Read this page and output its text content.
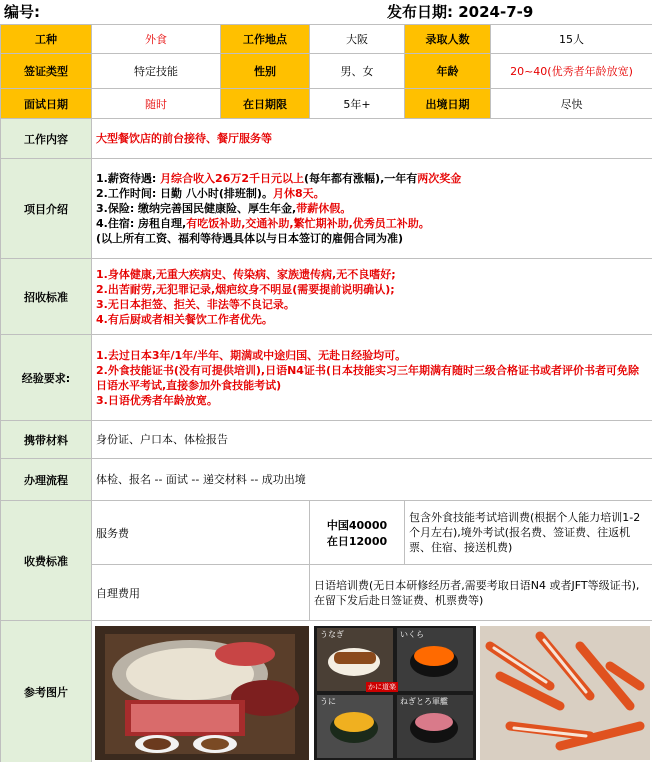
编号:	发布日期: 2024-7-9
工种	外食	工作地点	大阪	录取人数	15人
签证类型	特定技能	性别	男、女	年龄	20~40(优秀者年龄放宽)
面试日期	随时	在日期限	5年+	出境日期	尽快
工作内容	大型餐饮店的前台接待、餐厅服务等				
项目介绍	1.薪资待遇: 月综合收入26万2千日元以上(每年都有涨幅),一年有两次奖金

2.工作时间: 日勤 八小时(排班制)。月休8天。

3.保险: 缴纳完善国民健康险、厚生年金,带薪休假。

4.住宿: 房租自理,有吃饭补助,交通补助,繁忙期补助,优秀员工补助。

(以上所有工资、福利等待遇具体以与日本签订的雇佣合同为准)				

招收标准	1.身体健康,无重大疾病史、传染病、家族遗传病,无不良嗜好;

2.出苦耐劳,无犯罪记录,烟疤纹身不明显(需要提前说明确认);

3.无日本拒签、拒关、非法等不良记录。

4.有后厨或者相关餐饮工作者优先。				

经验要求:	1.去过日本3年/1年/半年、期满或中途归国、无赴日经验均可。

2.外食技能证书(没有可提供培训),日语N4证书(日本技能实习三年期满有随时三级合格证书或者评价书者可免除日语水平考试,直接参加外食技能考试)

3.日语优秀者年龄放宽。				

携带材料	身份证、户口本、体检报告				
办理流程	体检、报名 -- 面试 -- 递交材料 -- 成功出境				
收费标准	服务费		中国40000
在日12000	包含外食技能考试培训费(根据个人能力培训1-2个月左右),境外考试(报名费、签证费、往返机票、住宿、接送机费)	
	自理费用		日语培训费(无日本研修经历者,需要考取日语N4 或者JFT等级证书),在留下发后赴日签证费、机票费等)		
参考图片	うなぎ いくら
うに ねぎとろ軍艦
かに道楽				
